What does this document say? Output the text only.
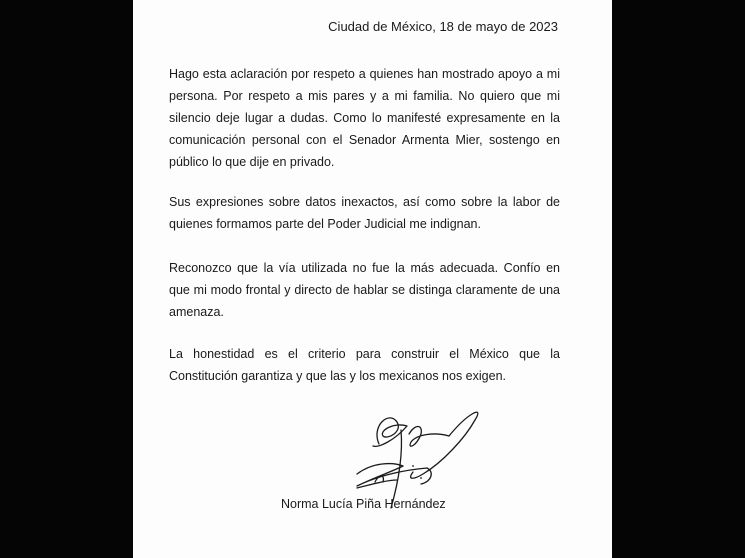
Ciudad de México, 18 de mayo de 2023
Hago esta aclaración por respeto a quienes han mostrado apoyo a mi persona. Por respeto a mis pares y a mi familia. No quiero que mi silencio deje lugar a dudas. Como lo manifesté expresamente en la comunicación personal con el Senador Armenta Mier, sostengo en público lo que dije en privado.
Sus expresiones sobre datos inexactos, así como sobre la labor de quienes formamos parte del Poder Judicial me indignan.
Reconozco que la vía utilizada no fue la más adecuada. Confío en que mi modo frontal y directo de hablar se distinga claramente de una amenaza.
La honestidad es el criterio para construir el México que la Constitución garantiza y que las y los mexicanos nos exigen.
Norma Lucía Piña Hernández
